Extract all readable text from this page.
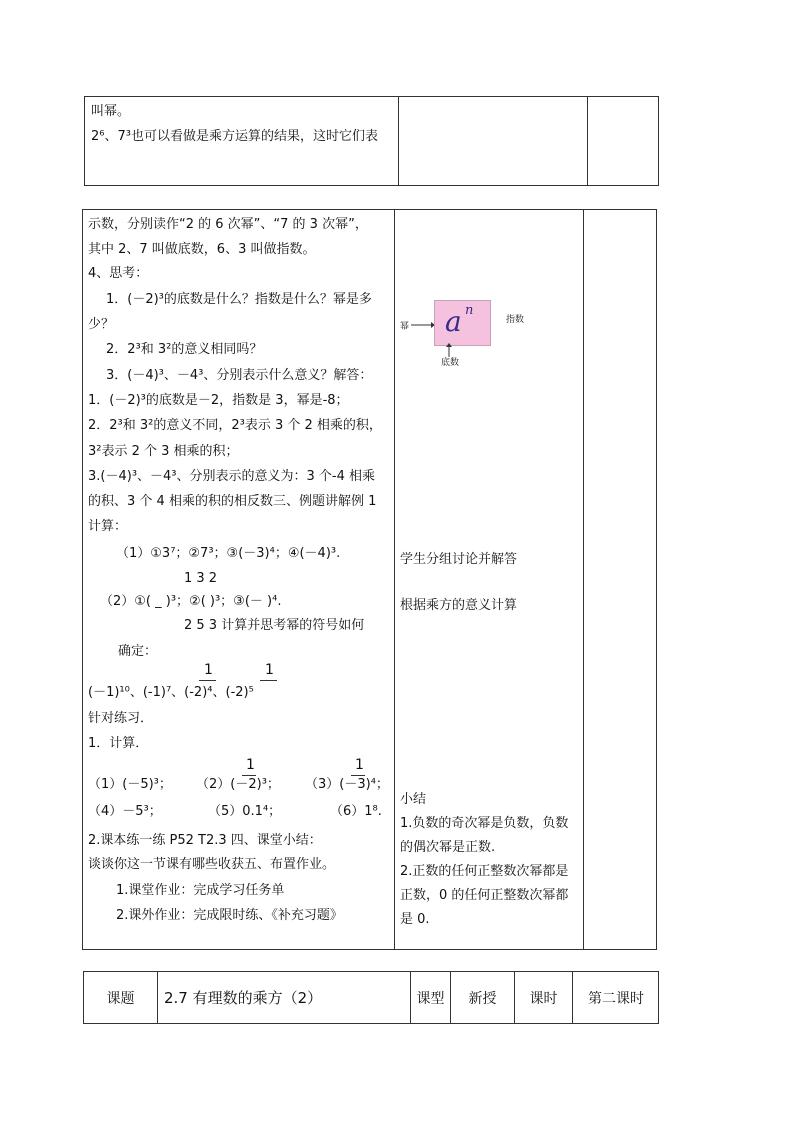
叫幂。
2⁶、7³也可以看做是乘方运算的结果，这时它们表
示数，分别读作“2 的 6 次幂”、“7 的 3 次幂”，
其中 2、7 叫做底数，6、3 叫做指数。
4、思考：
1．(－2)³的底数是什么？指数是什么？幂是多
少？
2．2³和 3²的意义相同吗？
3．(－4)³、－4³、分别表示什么意义？解答：
1．(－2)³的底数是－2，指数是 3，幂是-8；
2．2³和 3²的意义不同，2³表示 3 个 2 相乘的积，
3²表示 2 个 3 相乘的积；
3.(－4)³、－4³、分别表示的意义为：3 个-4 相乘
的积、3 个 4 相乘的积的相反数三、例题讲解例 1
计算：
（1）①3⁷；②7³；③(－3)⁴；④(－4)³.
1 3 2
（2）①( _ )³；②( )³；③(－ )⁴.
2 5 3 计算并思考幂的符号如何
确定：
1	1
(－1)¹⁰、(-1)⁷、(-2)⁴、(-2)⁵
针对练习．
1．计算．
1	1
（1）(－5)³； （2）(－2)³； （3）(－3)⁴；
（4）－5³；	（5）0.1⁴；	（6）1⁸.
2.课本练一练 P52 T2.3 四、课堂小结：
谈谈你这一节课有哪些收获五、布置作业。
1.课堂作业：完成学习任务单
2.课外作业：完成限时练、《补充习题》
幂 a n
指数
底数
学生分组讨论并解答
根据乘方的意义计算
小结
1.负数的奇次幂是负数，负数
的偶次幂是正数.
2.正数的任何正整数次幂都是
正数，0 的任何正整数次幂都
是 0.
课题	2.7 有理数的乘方（2）	课型	新授	课时	第二课时
